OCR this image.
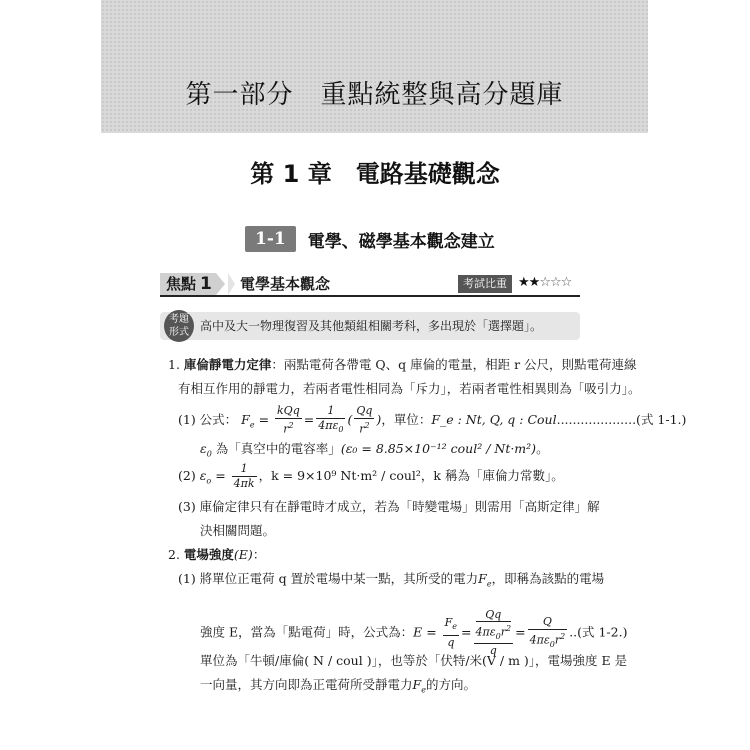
第一部分　重點統整與高分題庫
第 1 章　電路基礎觀念
1-1	電學、磁學基本觀念建立
焦點 1 電學基本觀念	考試比重 ★★☆☆☆
考題
形式 高中及大一物理復習及其他類組相關考科，多出現於「選擇題」。
1. 庫倫靜電力定律：兩點電荷各帶電 Q、q 庫倫的電量，相距 r 公尺，則點電荷連線
有相互作用的靜電力，若兩者電性相同為「斥力」，若兩者電性相異則為「吸引力」。
(1) 公式： $F_e = \frac{\text{kQq}}{r^2} = \frac{1}{4\pi\varepsilon_0}$ ( $\frac{Qq}{r^2}$ )，單位：F_e : Nt, Q, q : Coul....................(式 1-1.)
$\varepsilon_0$ 為「真空中的電容率」(ε₀ = 8.85×10⁻¹² coul² / Nt·m²)。
(2) $\varepsilon_o = \frac{1}{4\pi k}$ ，k = 9×10⁹ Nt·m² / coul²，k 稱為「庫倫力常數」。
(3) 庫倫定律只有在靜電時才成立，若為「時變電場」則需用「高斯定律」解
決相關問題。
2. 電場強度(E)：
(1) 將單位正電荷 q 置於電場中某一點，其所受的電力$F_e$，即稱為該點的電場
強度 E，當為「點電荷」時，公式為：$E = \frac{F_e}{q} = Qq$
$4\pi\varepsilon_0r^2$
$q = \frac{Q}{4\pi\varepsilon_0r^2}$ ..(式 1-2.)
單位為「牛頓/庫倫( N / coul )」，也等於「伏特/米(V / m )」，電場強度 E 是
一向量，其方向即為正電荷所受靜電力$F_e$的方向。
